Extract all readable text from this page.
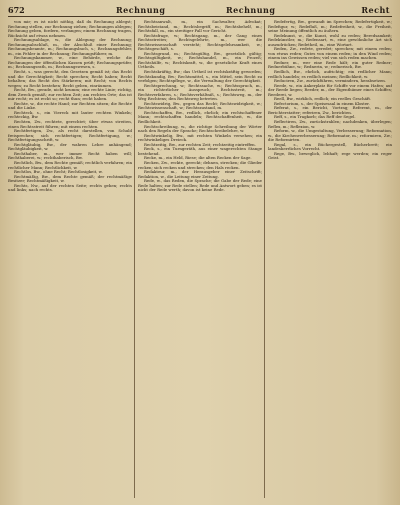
672	Rechnung	Rechnung	Recht

von mir; es ist nicht nöthig, daß du Rechnung ablegst; Rechnung stellen, zur Rechnung ziehen; Rechnungen ablegen; Rechnung geben, fordern, verlangen; einem Rechnung tragen, Rücksicht auf etwas nehmen.

Rechnungsablage, w., die Ablegung der Rechnung; Rechnungsabschluß, m., der Abschluß einer Rechnung; Rechnungsbeamte, m.; Rechnungsbuch, s.; Rechnungsfehler, m., ein Fehler in der Rechnung; Rechnungsführer, m.

Rechnungskammer, w., eine Behörde, welche die Rechnungen der öffentlichen Kassen prüft; Rechnungsprüfer, m.; Rechnungsrath, m.; Rechnungswesen, s.

Recht, s., was gerecht, den Gesetzen gemäß ist; das Recht und die Gerechtigkeit; Recht sprechen; Recht haben; Recht behalten; das Recht des Stärkeren; mit Recht; von Rechts wegen; zu Recht bestehen; Recht geben, einräumen.

Recht, Bw., gerade, nicht krumm; eine rechte Linie; richtig, dem Zweck gemäß; zur rechten Zeit; am rechten Orte; das ist mir recht; es ist recht so; recht thun; recht haben.

Rechte, w., die rechte Hand; zur Rechten sitzen; die Rechte und die Linke.

Rechteck, s., ein Viereck mit lauter rechten Winkeln; rechteckig, Bw.

Rechten, Zw., rechtete, gerechtet; über etwas streiten, einen Rechtsstreit führen; mit einem rechten.

Rechtfertigen, Zw., als recht darstellen, von Schuld freisprechen; sich rechtfertigen; Rechtfertigung, w.; Rechtfertigungsschrift, w.

Rechtgläubig, Bw., der wahren Lehre anhängend; Rechtgläubigkeit, w.

Rechthaber, m., wer immer Recht haben will; Rechthaberei, w.; rechthaberisch, Bw.

Rechtlich, Bw., dem Rechte gemäß; rechtlich verfahren; ein rechtlicher Mann; Rechtlichkeit, w.

Rechtlos, Bw., ohne Recht; Rechtlosigkeit, w.

Rechtmäßig, Bw., dem Rechte gemäß; der rechtmäßige Besitzer; Rechtmäßigkeit, w.

Rechts, Nw., auf der rechten Seite; rechts gehen; rechts und links; nach rechts.

Rechtsanwalt, m., ein Sachwalter, Advokat; Rechtsbeistand, m.; Rechtsbegriff, m.; Rechtsbehelf, m.; Rechtsfall, m., ein streitiger Fall vor Gericht.

Rechtsfrage, w.; Rechtsgang, m., der Gang eines Rechtsstreites; Rechtsgelehrte, m., wer die Rechtswissenschaft versteht; Rechtsgelehrsamkeit, w.; Rechtsgeschäft, s.

Rechtsgrund, m.; Rechtsgültig, Bw., gesetzlich gültig; Rechtsgültigkeit, w.; Rechtshandel, m., ein Prozeß; Rechtshülfe, w.; Rechtskraft, w., die gesetzliche Kraft eines Urtheils.

Rechtskräftig, Bw.; das Urtheil ist rechtskräftig geworden; Rechtskundig, Bw.; Rechtsmittel, s., ein Mittel, sein Recht zu verfolgen; Rechtspflege, w., die Verwaltung der Gerechtigkeit.

Rechtsprechung, w.; Rechtssache, w.; Rechtsspruch, m., ein richterlicher Ausspruch; Rechtsstreit, m.; Rechtsverfahren, s.; Rechtsverhältniß, s.; Rechtsweg, m., der Weg Rechtens; den Rechtsweg betreten.

Rechtswidrig, Bw., gegen das Recht; Rechtswidrigkeit, w.; Rechtswissenschaft, w.; Rechtszustand, m.

Rechtschaffen, Bw., redlich, ehrlich; ein rechtschaffener Mann; rechtschaffen handeln; Rechtschaffenheit, w., die Redlichkeit.

Rechtschreibung, w., die richtige Schreibung der Wörter nach den Regeln der Sprache; Rechtschreibelehre, w.

Rechtwinkelig, Bw., mit rechten Winkeln versehen; ein rechtwinkeliges Dreieck.

Rechtzeitig, Bw., zur rechten Zeit; rechtzeitig eintreffen.

Reck, s., ein Turngeräth, aus einer wagerechten Stange bestehend.

Recke, m., ein Held, Riese; die alten Recken der Sage.

Recken, Zw., reckte, gereckt; dehnen, strecken; die Glieder recken; sich recken und strecken; den Hals recken.

Redakteur, m., der Herausgeber einer Zeitschrift; Redaktion, w., die Leitung einer Zeitung.

Rede, w., das Reden, die Sprache; die Gabe der Rede; eine Rede halten; zur Rede stellen; Rede und Antwort geben; es ist nicht der Rede werth; davon ist keine Rede.

Redefertig, Bw., gewandt im Sprechen; Redefertigkeit, w.; Redefigur, w.; Redefluß, m.; Redefreiheit, w., die Freiheit, seine Meinung öffentlich zu äußern.

Redekunst, w., die Kunst, wohl zu reden; Beredsamkeit; Redekünstler, m.; Redensart, w., eine gewöhnliche Art sich auszudrücken; Redetheil, m., eine Wortart.

Reden, Zw., redete, geredet; sprechen; mit einem reden; von etwas reden; Gutes von einem reden; in den Wind reden; einem ins Gewissen reden; viel von sich reden machen.

Redner, m., wer eine Rede hält; ein guter Redner; Rednerbühne, w.; Rednerin, w.; rednerisch, Bw.

Redlich, Bw., ehrlich, aufrichtig; ein redlicher Mann; redlich handeln; es redlich meinen; Redlichkeit, w.

Reduciren, Zw., zurückführen, vermindern, herabsetzen.

Reede, w., ein Ankerplatz für Schiffe vor einem Hafen; auf der Reede liegen; Reeder, m., der Eigenthümer eines Schiffes; Reederei, w.

Reell, Bw., wirklich, redlich; ein reelles Geschäft.

Refectorium, s., der Speisesaal in einem Kloster.

Referat, s., ein Bericht, Vortrag; Referent, m., der Berichterstatter; referiren, Zw., berichten.

Reff, s., ein Tragkorb; das Reff der Segel.

Reflectiren, Zw., zurückstrahlen; nachdenken, überlegen; Reflex, m.; Reflexion, w.

Reform, w., die Umgestaltung, Verbesserung; Reformation, w., die Kirchenverbesserung; Reformator, m.; reformiren, Zw.; die Reformirten.

Regal, s., ein Büchergestell, Bücherbrett; ein landesherrliches Vorrecht.

Rege, Bw., beweglich, lebhaft; rege werden; ein reger Geist.
